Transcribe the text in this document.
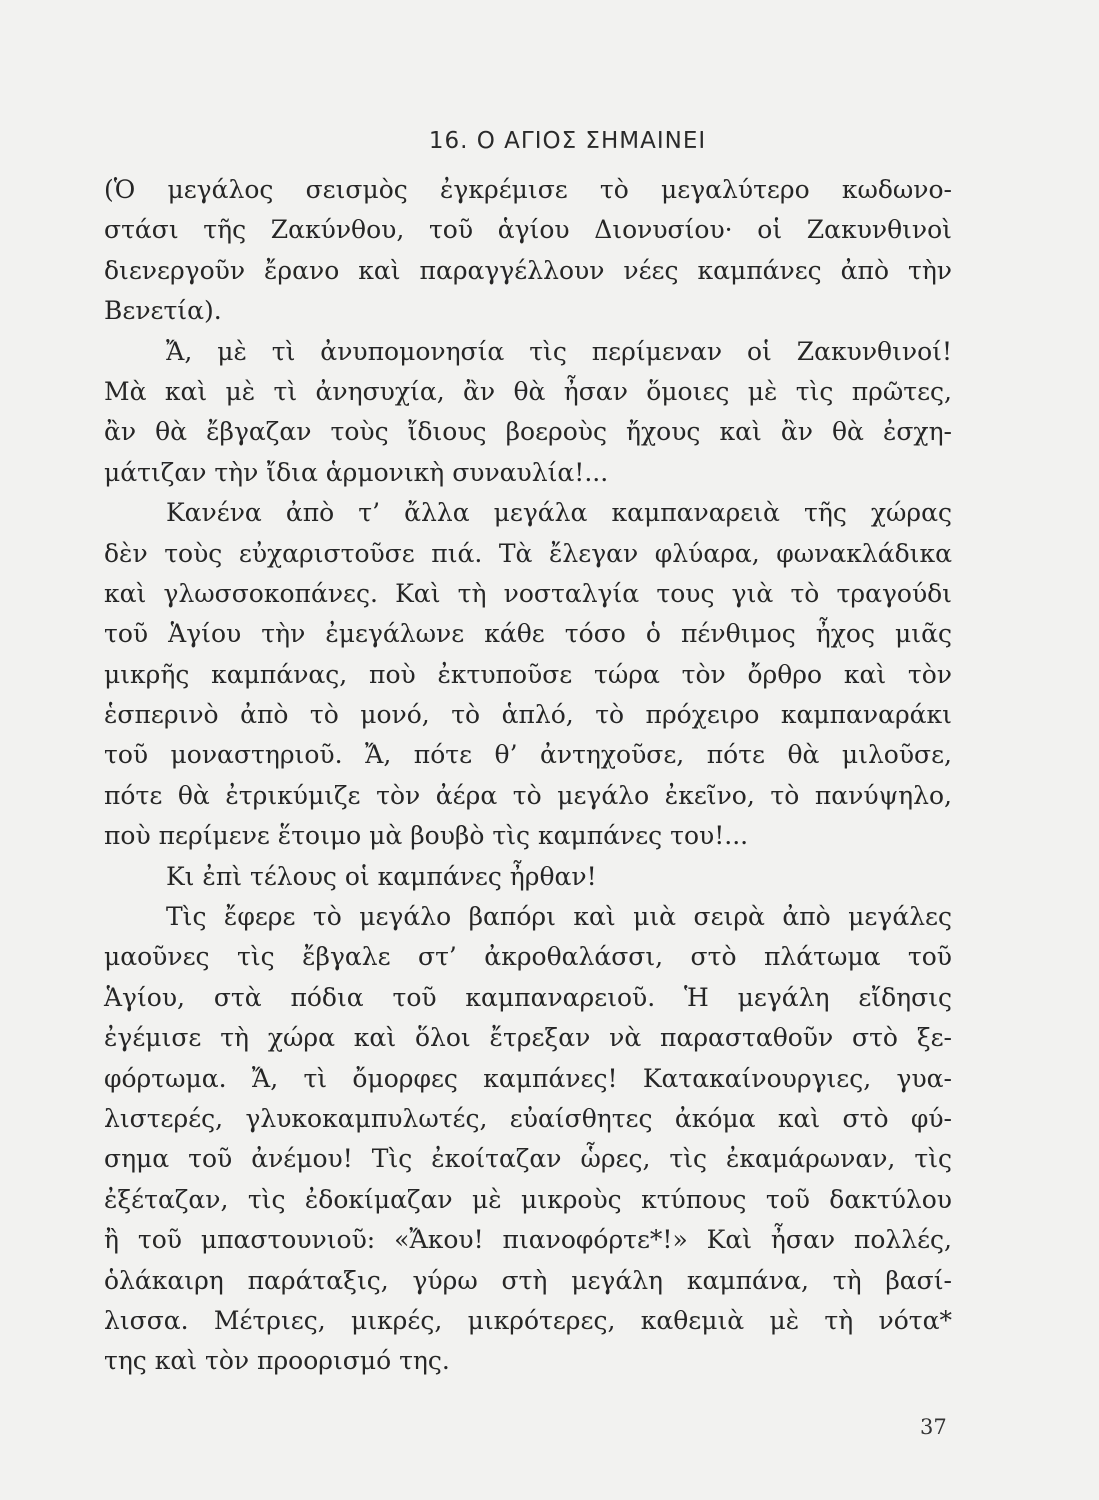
16. Ο ΑΓΙΟΣ ΣΗΜΑΙΝΕΙ
(Ὁ μεγάλος σεισμὸς ἐγκρέμισε τὸ μεγαλύτερο κωδωνο-
στάσι τῆς Ζακύνθου, τοῦ ἁγίου Διονυσίου· οἱ Ζακυνθινοὶ
διενεργοῦν ἔρανο καὶ παραγγέλλουν νέες καμπάνες ἀπὸ τὴν
Βενετία).
Ἄ, μὲ τὶ ἀνυπομονησία τὶς περίμεναν οἱ Ζακυνθινοί!
Μὰ καὶ μὲ τὶ ἀνησυχία, ἂν θὰ ἦσαν ὅμοιες μὲ τὶς πρῶτες,
ἂν θὰ ἔβγαζαν τοὺς ἴδιους βοεροὺς ἤχους καὶ ἂν θὰ ἐσχη-
μάτιζαν τὴν ἴδια ἁρμονικὴ συναυλία!...
Κανένα ἀπὸ τ’ ἄλλα μεγάλα καμπαναρειὰ τῆς χώρας
δὲν τοὺς εὐχαριστοῦσε πιά. Τὰ ἔλεγαν φλύαρα, φωνακλάδικα
καὶ γλωσσοκοπάνες. Καὶ τὴ νοσταλγία τους γιὰ τὸ τραγούδι
τοῦ Ἁγίου τὴν ἐμεγάλωνε κάθε τόσο ὁ πένθιμος ἦχος μιᾶς
μικρῆς καμπάνας, ποὺ ἐκτυποῦσε τώρα τὸν ὄρθρο καὶ τὸν
ἑσπερινὸ ἀπὸ τὸ μονό, τὸ ἁπλό, τὸ πρόχειρο καμπαναράκι
τοῦ μοναστηριοῦ. Ἄ, πότε θ’ ἀντηχοῦσε, πότε θὰ μιλοῦσε,
πότε θὰ ἐτρικύμιζε τὸν ἀέρα τὸ μεγάλο ἐκεῖνο, τὸ πανύψηλο,
ποὺ περίμενε ἕτοιμο μὰ βουβὸ τὶς καμπάνες του!...
Κι ἐπὶ τέλους οἱ καμπάνες ἦρθαν!
Τὶς ἔφερε τὸ μεγάλο βαπόρι καὶ μιὰ σειρὰ ἀπὸ μεγάλες
μαοῦνες τὶς ἔβγαλε στ’ ἀκροθαλάσσι, στὸ πλάτωμα τοῦ
Ἁγίου, στὰ πόδια τοῦ καμπαναρειοῦ. Ἡ μεγάλη εἴδησις
ἐγέμισε τὴ χώρα καὶ ὅλοι ἔτρεξαν νὰ παρασταθοῦν στὸ ξε-
φόρτωμα. Ἄ, τὶ ὄμορφες καμπάνες! Κατακαίνουργιες, γυα-
λιστερές, γλυκοκαμπυλωτές, εὐαίσθητες ἀκόμα καὶ στὸ φύ-
σημα τοῦ ἀνέμου! Τὶς ἐκοίταζαν ὧρες, τὶς ἐκαμάρωναν, τὶς
ἐξέταζαν, τὶς ἐδοκίμαζαν μὲ μικροὺς κτύπους τοῦ δακτύλου
ἢ τοῦ μπαστουνιοῦ: «Ἄκου! πιανοφόρτε*!» Καὶ ἦσαν πολλές,
ὁλάκαιρη παράταξις, γύρω στὴ μεγάλη καμπάνα, τὴ βασί-
λισσα. Μέτριες, μικρές, μικρότερες, καθεμιὰ μὲ τὴ νότα*
της καὶ τὸν προορισμό της.
37
